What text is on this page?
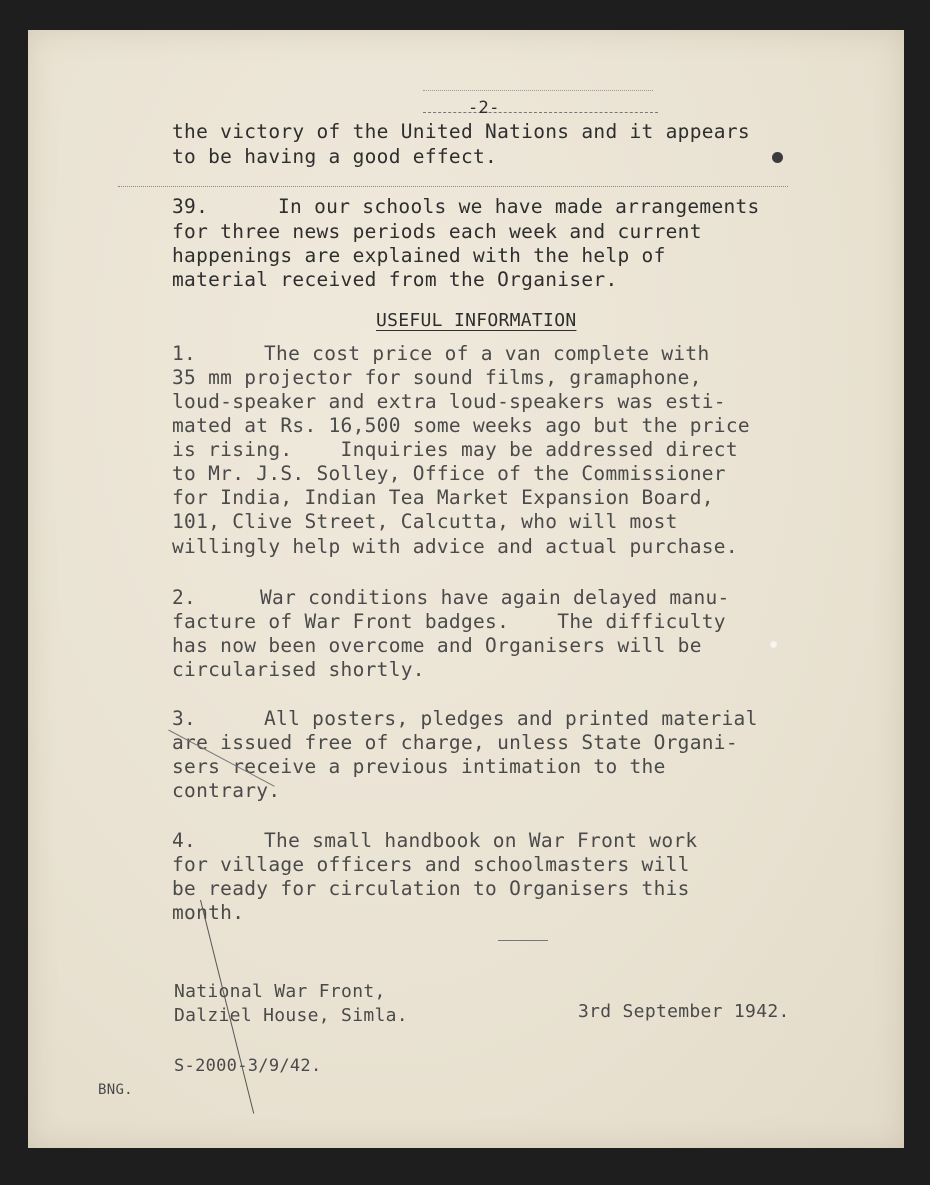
-2-
the victory of the United Nations and it appears
to be having a good effect.
39.	In our schools we have made arrangements
for three news periods each week and current
happenings are explained with the help of
material received from the Organiser.
USEFUL INFORMATION
1.	The cost price of a van complete with
35 mm projector for sound films, gramaphone,
loud-speaker and extra loud-speakers was esti-
mated at Rs. 16,500 some weeks ago but the price
is rising.    Inquiries may be addressed direct
to Mr. J.S. Solley, Office of the Commissioner
for India, Indian Tea Market Expansion Board,
101, Clive Street, Calcutta, who will most
willingly help with advice and actual purchase.
2.	War conditions have again delayed manu-
facture of War Front badges.    The difficulty
has now been overcome and Organisers will be
circularised shortly.
3.	All posters, pledges and printed material
are issued free of charge, unless State Organi-
sers receive a previous intimation to the
contrary.
4.	The small handbook on War Front work
for village officers and schoolmasters will
be ready for circulation to Organisers this
month.
National War Front,
Dalziel House, Simla.	3rd September 1942.
S-2000-3/9/42.
BNG.
